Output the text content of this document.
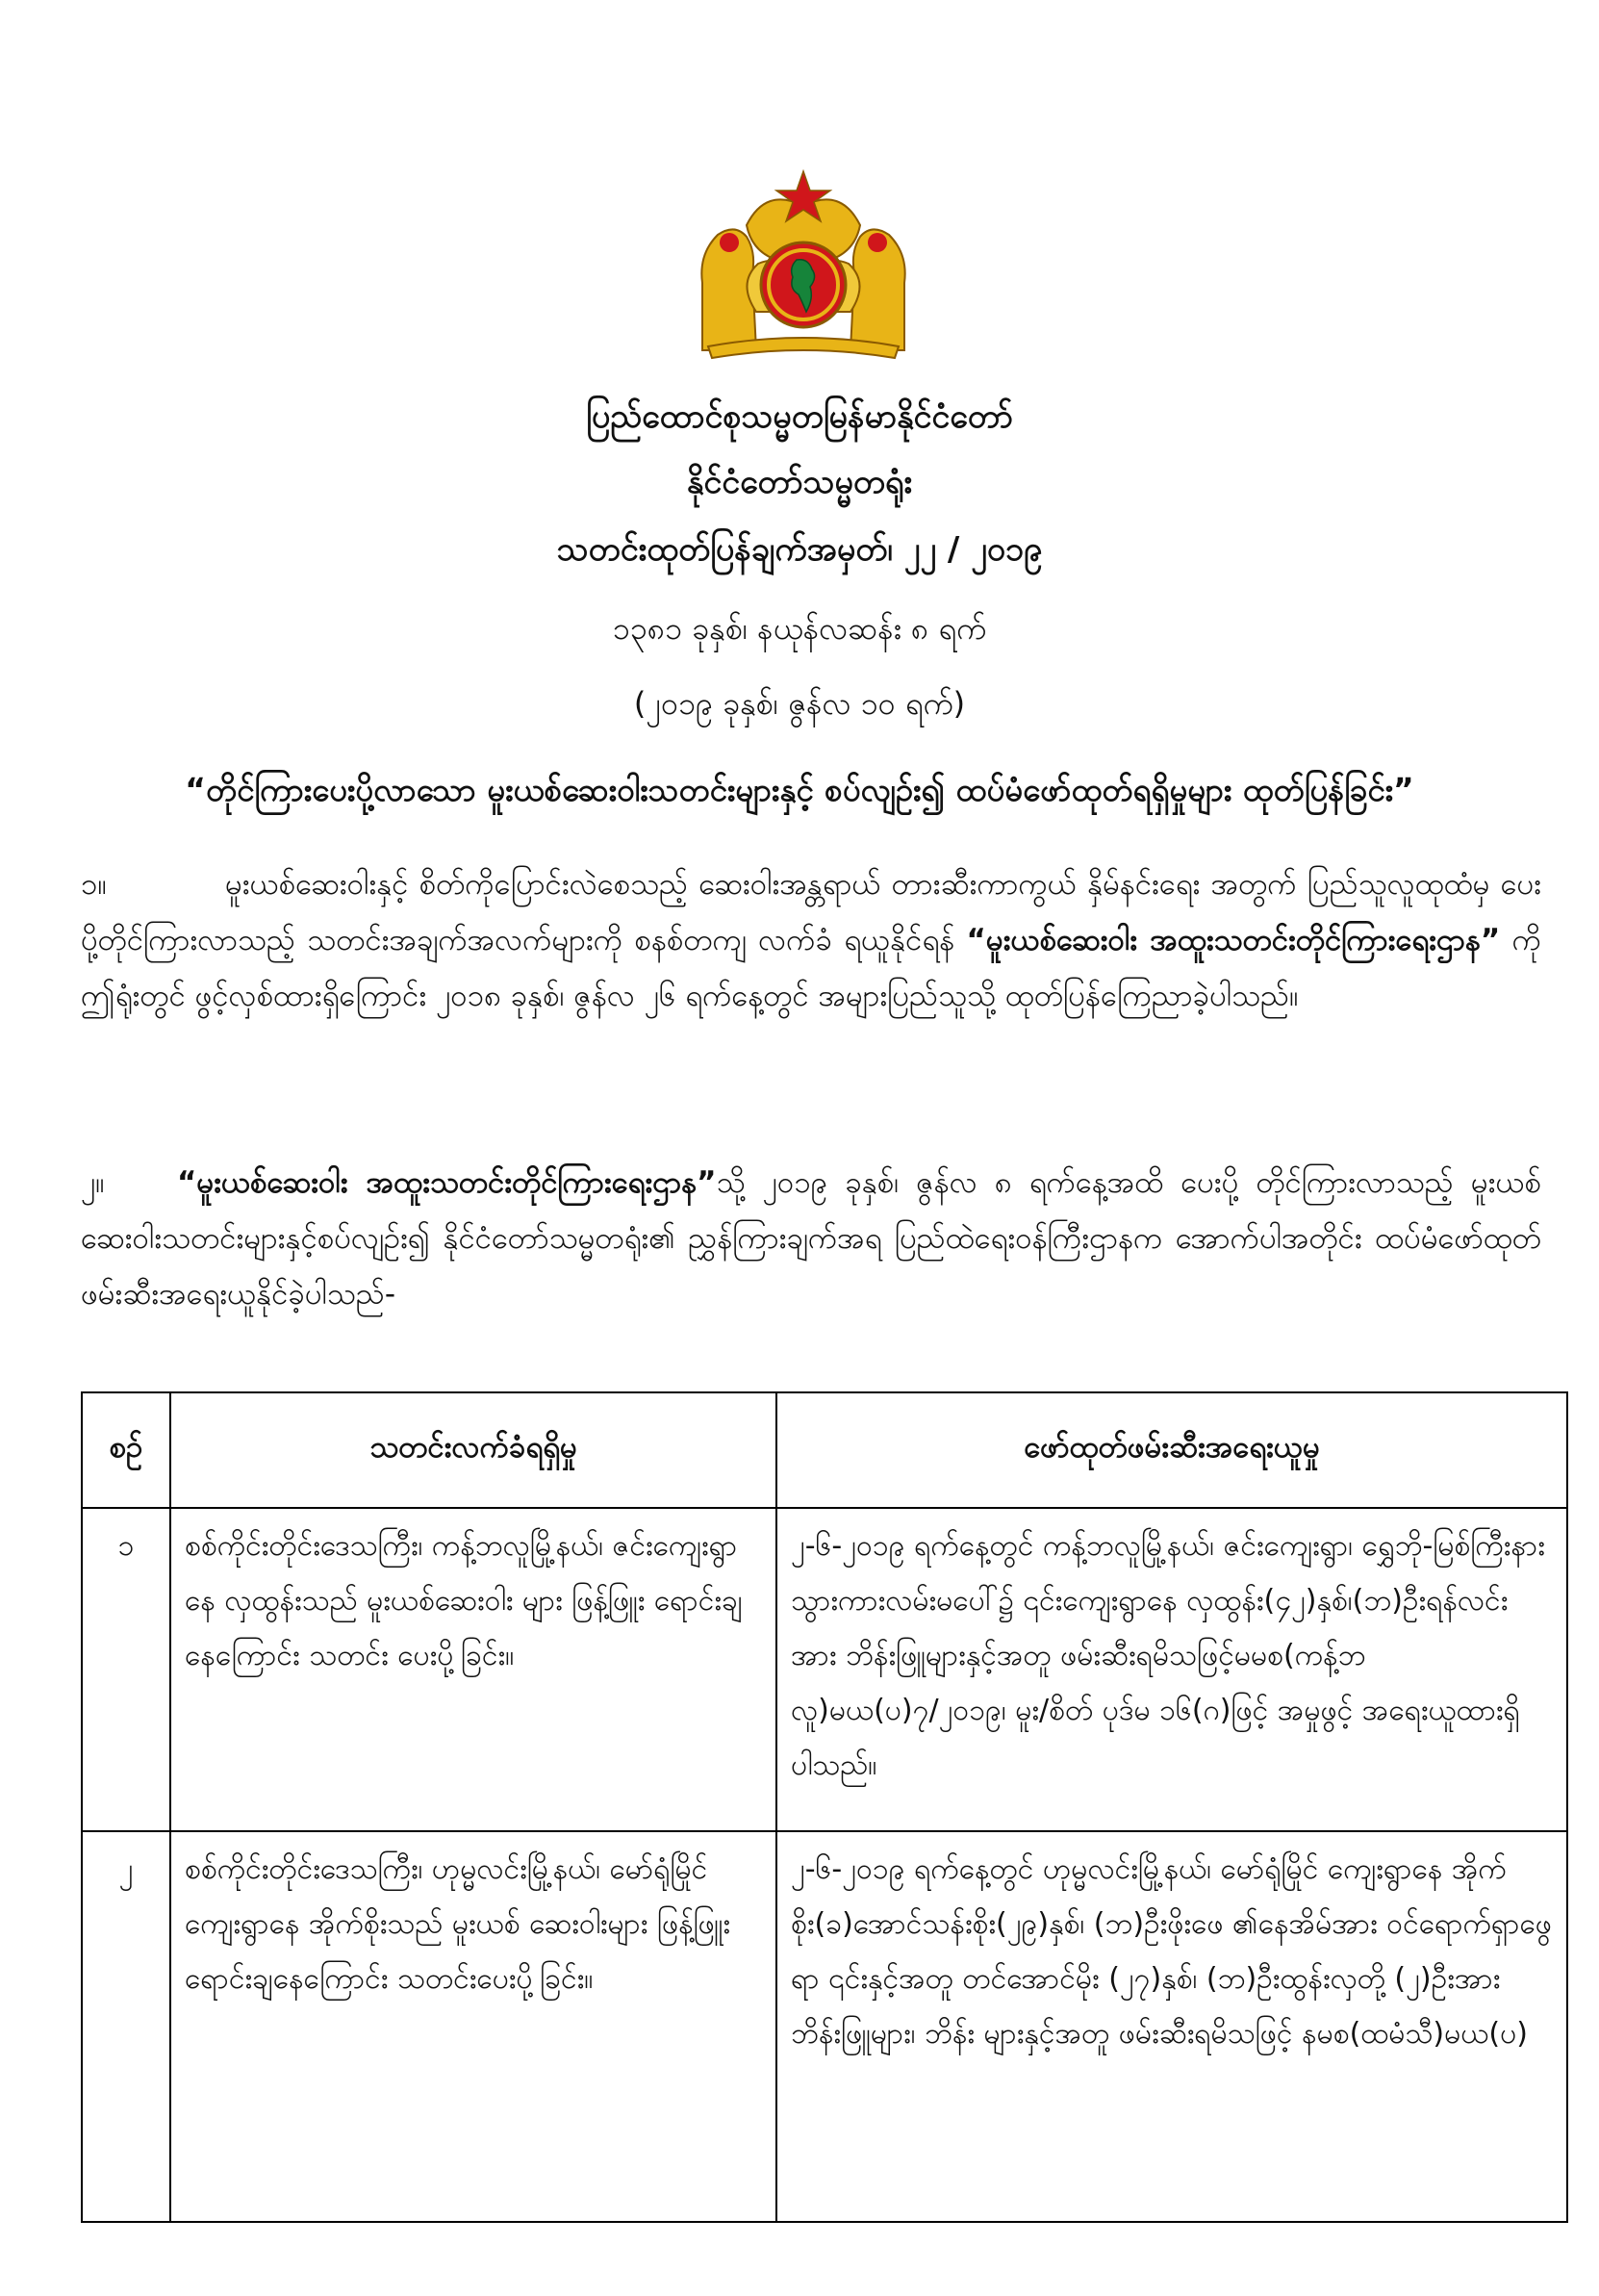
ပြည်ထောင်စုသမ္မတမြန်မာနိုင်ငံတော်
နိုင်ငံတော်သမ္မတရုံး
သတင်းထုတ်ပြန်ချက်အမှတ်၊ ၂၂ / ၂၀၁၉
၁၃၈၁ ခုနှစ်၊ နယုန်လဆန်း ၈ ရက်
(၂၀၁၉ ခုနှစ်၊ ဇွန်လ ၁၀ ရက်)
“တိုင်ကြားပေးပို့လာသော မူးယစ်ဆေးဝါးသတင်းများနှင့် စပ်လျဉ်း၍ ထပ်မံဖော်ထုတ်ရရှိမှုများ ထုတ်ပြန်ခြင်း”
၁။	မူးယစ်ဆေးဝါးနှင့် စိတ်ကိုပြောင်းလဲစေသည့် ဆေးဝါးအန္တရာယ် တားဆီးကာကွယ် နှိမ်နင်းရေး အတွက် ပြည်သူလူထုထံမှ ပေးပို့တိုင်ကြားလာသည့် သတင်းအချက်အလက်များကို စနစ်တကျ လက်ခံ ရယူနိုင်ရန် “မူးယစ်ဆေးဝါး အထူးသတင်းတိုင်ကြားရေးဌာန” ကို ဤရုံးတွင် ဖွင့်လှစ်ထားရှိကြောင်း ၂၀၁၈ ခုနှစ်၊ ဇွန်လ ၂၆ ရက်နေ့တွင် အများပြည်သူသို့ ထုတ်ပြန်ကြေညာခဲ့ပါသည်။
၂။ “မူးယစ်ဆေးဝါး အထူးသတင်းတိုင်ကြားရေးဌာန”သို့ ၂၀၁၉ ခုနှစ်၊ ဇွန်လ ၈ ရက်နေ့အထိ ပေးပို့ တိုင်ကြားလာသည့် မူးယစ်ဆေးဝါးသတင်းများနှင့်စပ်လျဉ်း၍ နိုင်ငံတော်သမ္မတရုံး၏ ညွှန်ကြားချက်အရ ပြည်ထဲရေးဝန်ကြီးဌာနက အောက်ပါအတိုင်း ထပ်မံဖော်ထုတ်ဖမ်းဆီးအရေးယူနိုင်ခဲ့ပါသည်-
စဉ်	သတင်းလက်ခံရရှိမှု	ဖော်ထုတ်ဖမ်းဆီးအရေးယူမှု
၁	စစ်ကိုင်းတိုင်းဒေသကြီး၊ ကန့်ဘလူမြို့နယ်၊ ဇင်းကျေးရွာနေ လှထွန်းသည် မူးယစ်ဆေးဝါး များ ဖြန့်ဖြူး ရောင်းချနေကြောင်း သတင်း ပေးပို့ခြင်း။	၂-၆-၂၀၁၉ ရက်နေ့တွင် ကန့်ဘလူမြို့နယ်၊ ဇင်းကျေးရွာ၊ ရွှေဘို-မြစ်ကြီးနားသွားကားလမ်းမပေါ်၌ ၎င်းကျေးရွာနေ လှထွန်း(၄၂)နှစ်၊(ဘ)ဦးရန်လင်းအား ဘိန်းဖြူများနှင့်အတူ ဖမ်းဆီးရမိသဖြင့်မမစ(ကန့်ဘလူ)မယ(ပ)၇/၂၀၁၉၊ မူး/စိတ် ပုဒ်မ ၁၆(ဂ)ဖြင့် အမှုဖွင့် အရေးယူထားရှိပါသည်။
၂	စစ်ကိုင်းတိုင်းဒေသကြီး၊ ဟုမ္မလင်းမြို့နယ်၊ မော်ရုံမြိုင်ကျေးရွာနေ အိုက်စိုးသည် မူးယစ် ဆေးဝါးများ ဖြန့်ဖြူးရောင်းချနေကြောင်း သတင်းပေးပို့ခြင်း။	၂-၆-၂၀၁၉ ရက်နေ့တွင် ဟုမ္မလင်းမြို့နယ်၊ မော်ရုံမြိုင် ကျေးရွာနေ အိုက်စိုး(ခ)အောင်သန်းစိုး(၂၉)နှစ်၊ (ဘ)ဦးဖိုးဖေ ၏နေအိမ်အား ဝင်ရောက်ရှာဖွေရာ ၎င်းနှင့်အတူ တင်အောင်မိုး (၂၇)နှစ်၊ (ဘ)ဦးထွန်းလှတို့ (၂)ဦးအား ဘိန်းဖြူများ၊ ဘိန်း များနှင့်အတူ ဖမ်းဆီးရမိသဖြင့် နမစ(ထမံသီ)မယ(ပ)
